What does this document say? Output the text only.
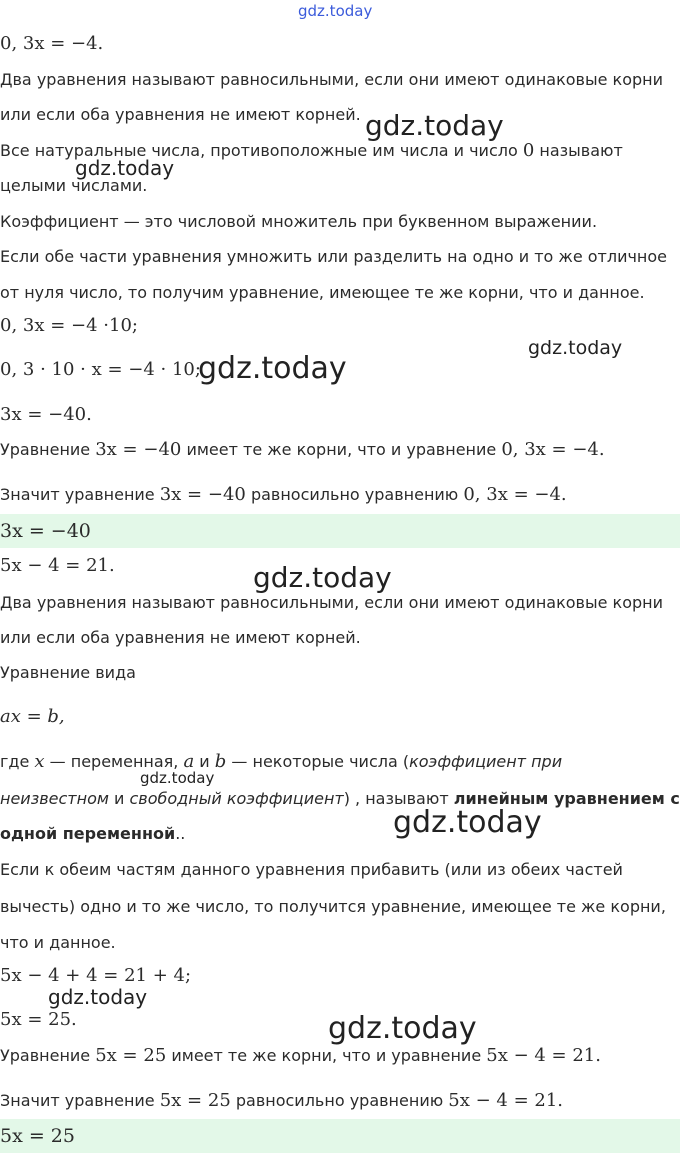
gdz.today
gdz.today
gdz.today
gdz.today
gdz.today
gdz.today
gdz.today
gdz.today
gdz.today
gdz.today
0, 3x = −4.
Два уравнения называют равносильными, если они имеют одинаковые корни
или если оба уравнения не имеют корней.
Все натуральные числа, противоположные им числа и число 0 называют
целыми числами.
Коэффициент — это числовой множитель при буквенном выражении.
Если обе части уравнения умножить или разделить на одно и то же отличное
от нуля число, то получим уравнение, имеющее те же корни, что и данное.
0, 3x = −4 ·10;
0, 3 · 10 · x = −4 · 10;
3x = −40.
Уравнение 3x = −40 имеет те же корни, что и уравнение 0, 3x = −4.
Значит уравнение 3x = −40 равносильно уравнению 0, 3x = −4.
3x = −40
5x − 4 = 21.
Два уравнения называют равносильными, если они имеют одинаковые корни
или если оба уравнения не имеют корней.
Уравнение вида
ax = b,
где x — переменная, a и b — некоторые числа (коэффициент при
неизвестном и свободный коэффициент) , называют линейным уравнением с
одной переменной..
Если к обеим частям данного уравнения прибавить (или из обеих частей
вычесть) одно и то же число, то получится уравнение, имеющее те же корни,
что и данное.
5x − 4 + 4 = 21 + 4;
5x = 25.
Уравнение 5x = 25 имеет те же корни, что и уравнение 5x − 4 = 21.
Значит уравнение 5x = 25 равносильно уравнению 5x − 4 = 21.
5x = 25
